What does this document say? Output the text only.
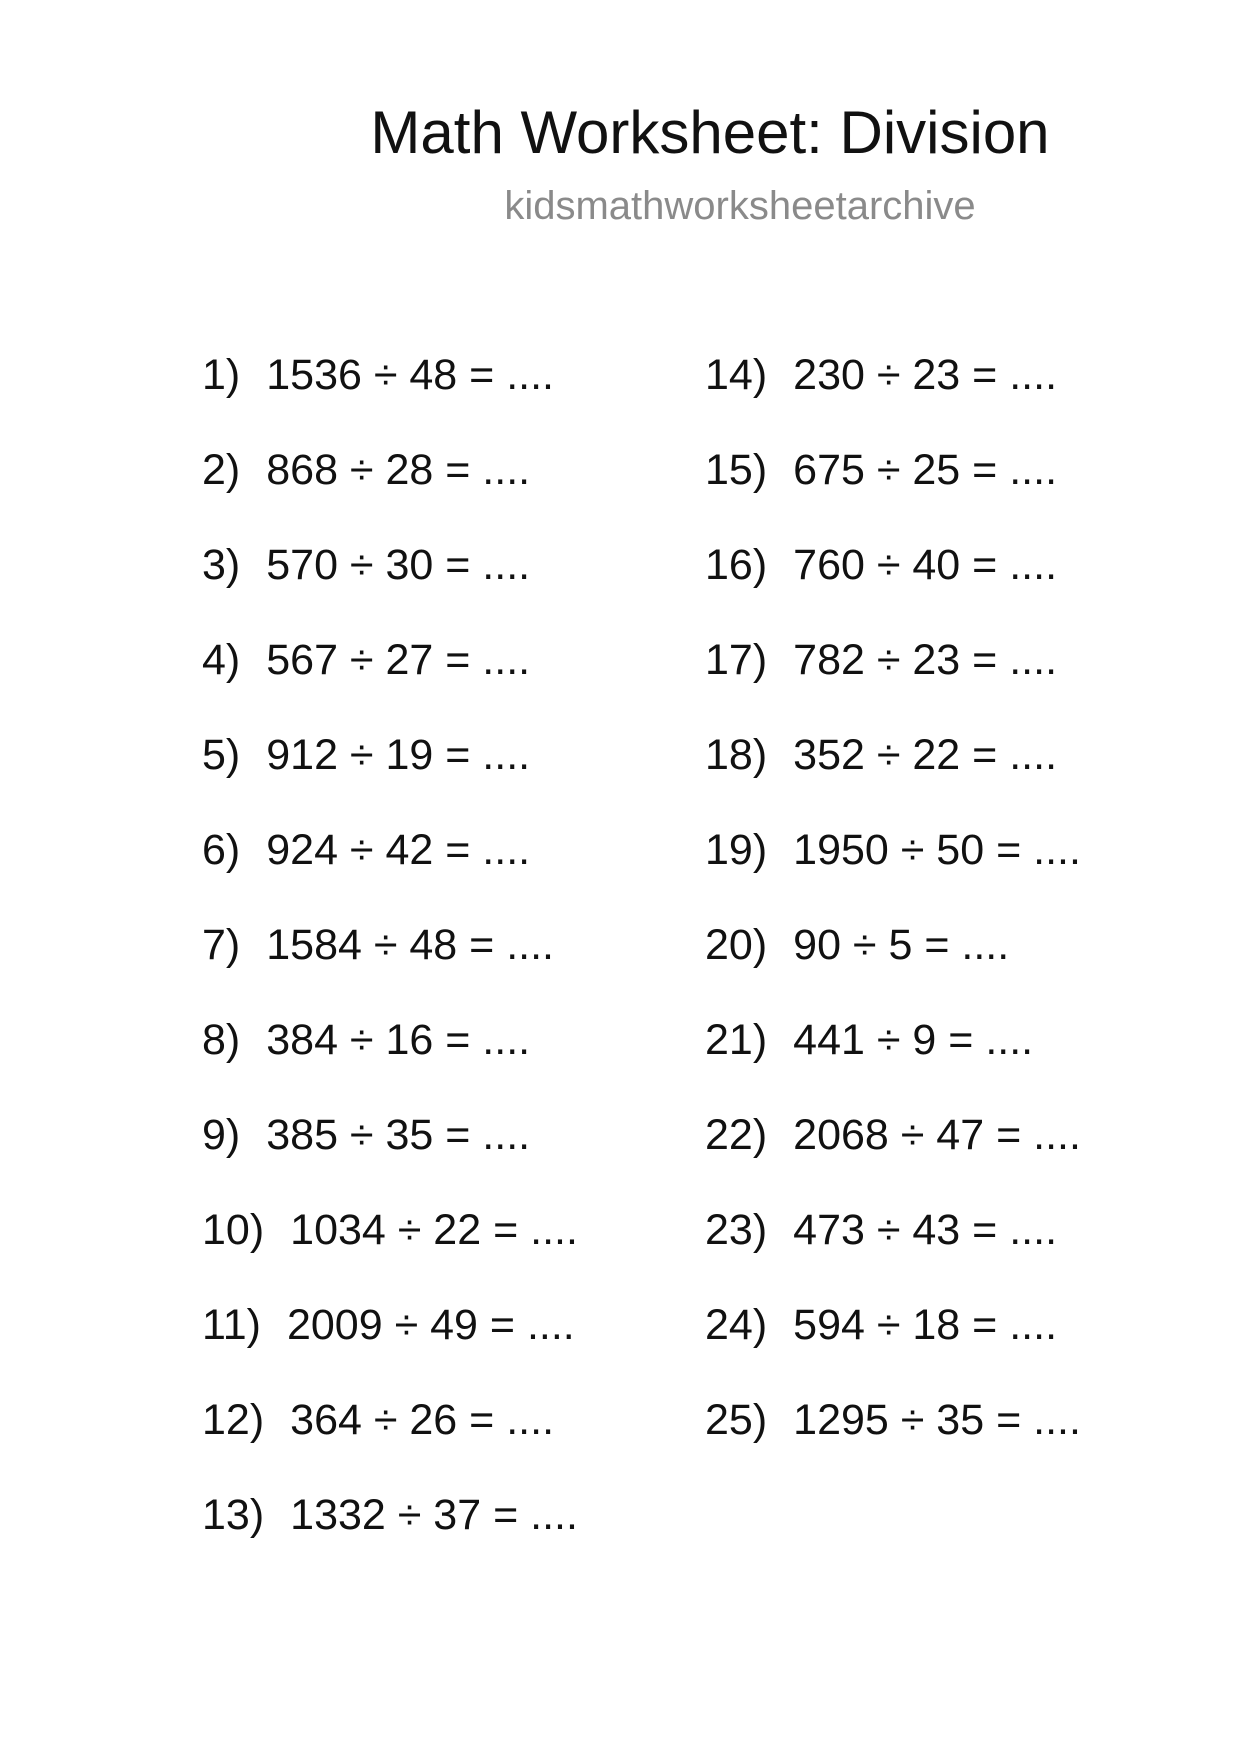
Math Worksheet: Division
kidsmathworksheetarchive
1) 1536 ÷ 48 = ....
2) 868 ÷ 28 = ....
3) 570 ÷ 30 = ....
4) 567 ÷ 27 = ....
5) 912 ÷ 19 = ....
6) 924 ÷ 42 = ....
7) 1584 ÷ 48 = ....
8) 384 ÷ 16 = ....
9) 385 ÷ 35 = ....
10) 1034 ÷ 22 = ....
11) 2009 ÷ 49 = ....
12) 364 ÷ 26 = ....
13) 1332 ÷ 37 = ....
14) 230 ÷ 23 = ....
15) 675 ÷ 25 = ....
16) 760 ÷ 40 = ....
17) 782 ÷ 23 = ....
18) 352 ÷ 22 = ....
19) 1950 ÷ 50 = ....
20) 90 ÷ 5 = ....
21) 441 ÷ 9 = ....
22) 2068 ÷ 47 = ....
23) 473 ÷ 43 = ....
24) 594 ÷ 18 = ....
25) 1295 ÷ 35 = ....
